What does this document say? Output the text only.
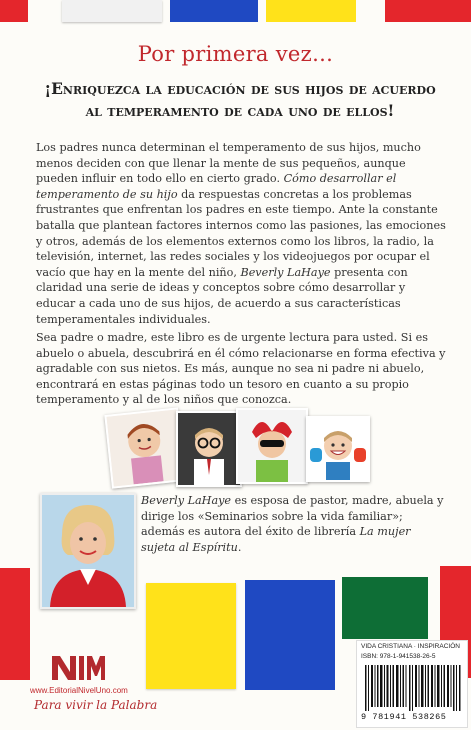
Por primera vez…
¡Enriquezca la educación de sus hijos de acuerdo
al temperamento de cada uno de ellos!
Los padres nunca determinan el temperamento de sus hijos, mucho menos deciden con que llenar la mente de sus pequeños, aunque pueden influir en todo ello en cierto grado. Cómo desarrollar el temperamento de su hijo da respuestas concretas a los problemas frustrantes que enfrentan los padres en este tiempo. Ante la constante batalla que plantean factores internos como las pasiones, las emociones y otros, además de los elementos externos como los libros, la radio, la televisión, internet, las redes sociales y los videojuegos por ocupar el vacío que hay en la mente del niño, Beverly LaHaye presenta con claridad una serie de ideas y conceptos sobre cómo desarrollar y educar a cada uno de sus hijos, de acuerdo a sus características temperamentales individuales.
Sea padre o madre, este libro es de urgente lectura para usted. Si es abuelo o abuela, descubrirá en él cómo relacionarse en forma efectiva y agradable con sus nietos. Es más, aunque no sea ni padre ni abuelo, encontrará en estas páginas todo un tesoro en cuanto a su propio temperamento y al de los niños que conozca.
Beverly LaHaye es esposa de pastor, madre, abuela y dirige los «Seminarios sobre la vida familiar»; además es autora del éxito de librería La mujer sujeta al Espíritu.
www.EditorialNivelUno.com
Para vivir la Palabra
VIDA CRISTIANA · INSPIRACIÓN
ISBN: 978-1-941538-26-5
9 781941 538265
